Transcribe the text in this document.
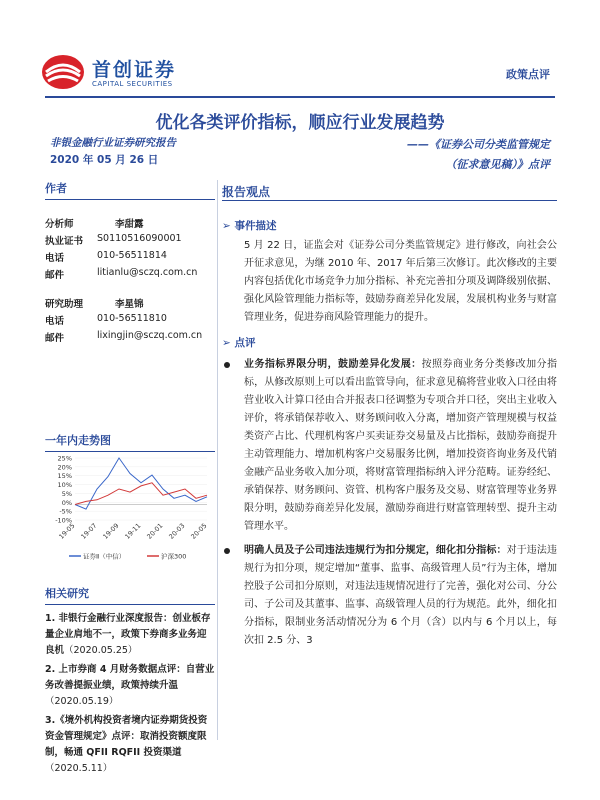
首创证券
CAPITAL SECURITIES
政策点评
优化各类评价指标，顺应行业发展趋势
非银金融行业证券研究报告
2020 年 05 月 26 日
——《证券公司分类监管规定
（征求意见稿）》点评
作者
分析师	李甜露
执业证书	S0110516090001
电话	010-56511814
邮件	litianlu@sczq.com.cn
研究助理	李星锦
电话	010-56511810
邮件	lixingjin@sczq.com.cn
一年内走势图
25%
20%
15%
10%
5%
0%
-5%
-10%
19-05 19-07 19-09 19-11 20-01 20-03 20-05
证券Ⅱ（中信）	沪深300
相关研究
1. 非银行金融行业深度报告：创业板存量企业肩地不一，政策下券商多业务迎良机（2020.05.25）
2. 上市券商 4 月财务数据点评：自营业务改善提振业绩，政策持续升温（2020.05.19）
3.《境外机构投资者境内证券期货投资资金管理规定》点评：取消投资额度限制，畅通 QFII RQFII 投资渠道（2020.5.11）
报告观点
➢ 事件描述
5 月 22 日，证监会对《证券公司分类监管规定》进行修改，向社会公开征求意见，为继 2010 年、2017 年后第三次修订。此次修改的主要内容包括优化市场竞争力加分指标、补充完善扣分项及调降级别依据、强化风险管理能力指标等，鼓励券商差异化发展，发展机构业务与财富管理业务，促进券商风险管理能力的提升。
➢ 点评
业务指标界限分明，鼓励差异化发展：按照券商业务分类修改加分指标，从修改原则上可以看出监管导向，征求意见稿将营业收入口径由将营业收入计算口径由合并报表口径调整为专项合并口径，突出主业收入评价，将承销保荐收入、财务顾问收入分离，增加资产管理规模与权益类资产占比、代理机构客户买卖证券交易量及占比指标，鼓励券商提升主动管理能力、增加机构客户交易服务比例，增加投资咨询业务及代销金融产品业务收入加分项，将财富管理指标纳入评分范畴。证券经纪、承销保荐、财务顾问、资管、机构客户服务及交易、财富管理等业务界限分明，鼓励券商差异化发展，激励券商进行财富管理转型、提升主动管理水平。
明确人员及子公司违法违规行为扣分规定，细化扣分指标：对于违法违规行为扣分项，规定增加“董事、监事、高级管理人员”行为主体，增加控股子公司扣分原则，对违法违规情况进行了完善，强化对公司、分公司、子公司及其董事、监事、高级管理人员的行为规范。此外，细化扣分指标，限制业务活动情况分为 6 个月（含）以内与 6 个月以上，每次扣 2.5 分、3
